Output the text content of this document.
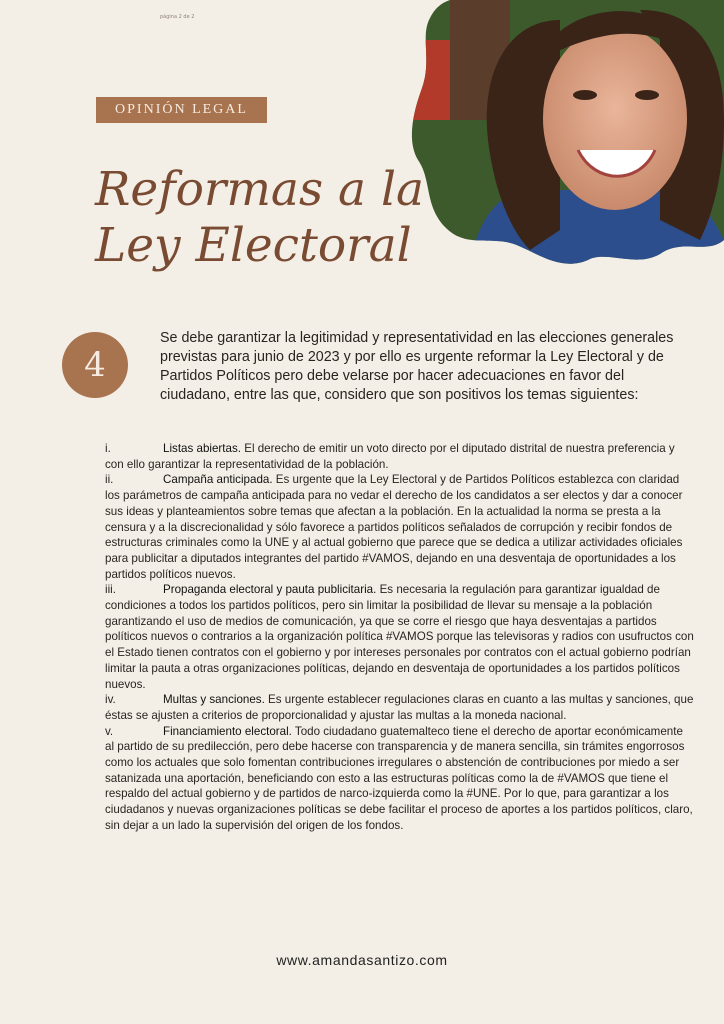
página 2 de 2
OPINIÓN LEGAL
Reformas a la
Ley Electoral
4

Se debe garantizar la legitimidad y representatividad en las elecciones generales previstas para junio de 2023 y por ello es urgente reformar la Ley Electoral y de Partidos Políticos pero debe velarse por hacer adecuaciones en favor del ciudadano, entre las que, considero que son positivos los temas siguientes:

i.	Listas abiertas. El derecho de emitir un voto directo por el diputado distrital de nuestra preferencia y con ello garantizar la representatividad de la población.

ii.	Campaña anticipada. Es urgente que la Ley Electoral y de Partidos Políticos establezca con claridad los parámetros de campaña anticipada para no vedar el derecho de los candidatos a ser electos y dar a conocer sus ideas y planteamientos sobre temas que afectan a la población. En la actualidad la norma se presta a la censura y a la discrecionalidad y sólo favorece a partidos políticos señalados de corrupción y recibir fondos de estructuras criminales como la UNE y al actual gobierno que parece que se dedica a utilizar actividades oficiales para publicitar a diputados integrantes del partido #VAMOS, dejando en una desventaja de oportunidades a los partidos políticos nuevos.

iii.	Propaganda electoral y pauta publicitaria. Es necesaria la regulación para garantizar igualdad de condiciones a todos los partidos políticos, pero sin limitar la posibilidad de llevar su mensaje a la población garantizando el uso de medios de comunicación, ya que se corre el riesgo que haya desventajas a partidos políticos nuevos o contrarios a la organización política #VAMOS porque las televisoras y radios con usufructos con el Estado tienen contratos con el gobierno y por intereses personales por contratos con el actual gobierno podrían limitar la pauta a otras organizaciones políticas, dejando en desventaja de oportunidades a los partidos políticos nuevos.

iv.	Multas y sanciones. Es urgente establecer regulaciones claras en cuanto a las multas y sanciones, que éstas se ajusten a criterios de proporcionalidad y ajustar las multas a la moneda nacional.

v.	Financiamiento electoral. Todo ciudadano guatemalteco tiene el derecho de aportar económicamente al partido de su predilección, pero debe hacerse con transparencia y de manera sencilla, sin trámites engorrosos como los actuales que solo fomentan contribuciones irregulares o abstención de contribuciones por miedo a ser satanizada una aportación, beneficiando con esto a las estructuras políticas como la de #VAMOS que tiene el respaldo del actual gobierno y de partidos de narco-izquierda como la #UNE. Por lo que, para garantizar a los ciudadanos y nuevas organizaciones políticas se debe facilitar el proceso de aportes a los partidos políticos, claro, sin dejar a un lado la supervisión del origen de los fondos.

www.amandasantizo.com
